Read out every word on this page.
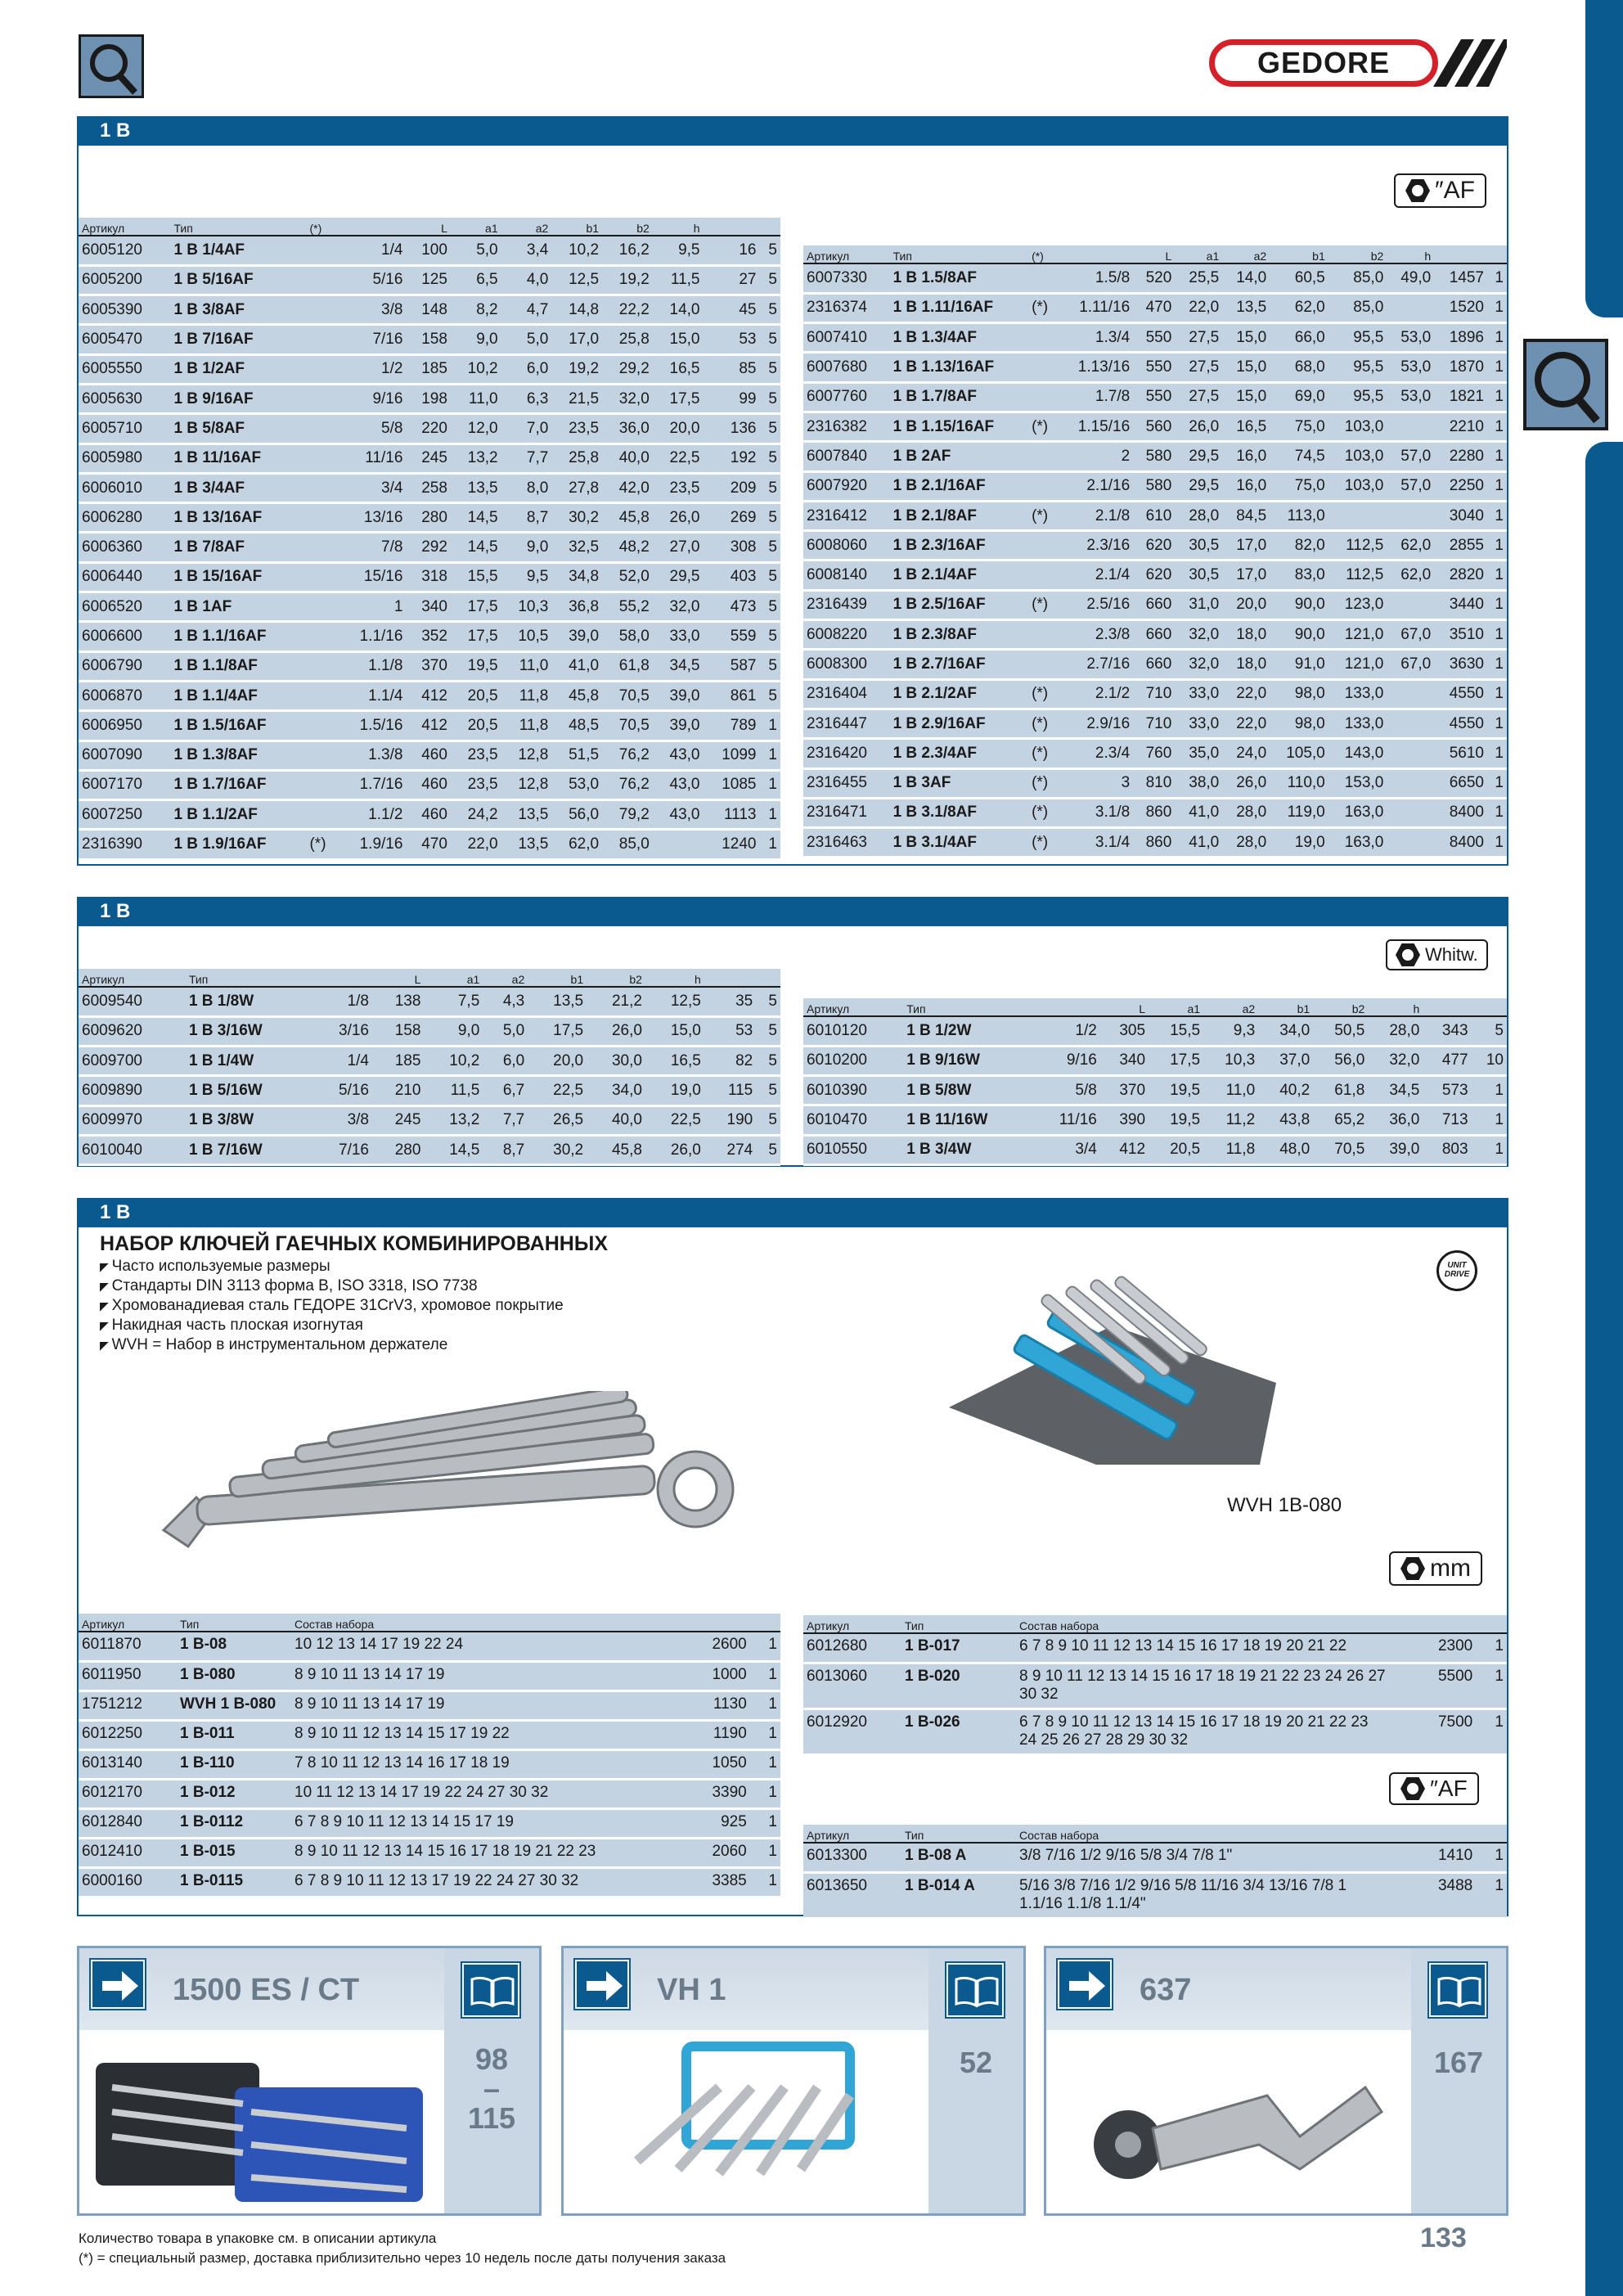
GEDORE
1 B
″AF
Артикул	Тип	(*)		L	a1	a2	b1	b2	h		
6005120	1 B 1/4AF		1/4	100	5,0	3,4	10,2	16,2	9,5	16	5
6005200	1 B 5/16AF		5/16	125	6,5	4,0	12,5	19,2	11,5	27	5
6005390	1 B 3/8AF		3/8	148	8,2	4,7	14,8	22,2	14,0	45	5
6005470	1 B 7/16AF		7/16	158	9,0	5,0	17,0	25,8	15,0	53	5
6005550	1 B 1/2AF		1/2	185	10,2	6,0	19,2	29,2	16,5	85	5
6005630	1 B 9/16AF		9/16	198	11,0	6,3	21,5	32,0	17,5	99	5
6005710	1 B 5/8AF		5/8	220	12,0	7,0	23,5	36,0	20,0	136	5
6005980	1 B 11/16AF		11/16	245	13,2	7,7	25,8	40,0	22,5	192	5
6006010	1 B 3/4AF		3/4	258	13,5	8,0	27,8	42,0	23,5	209	5
6006280	1 B 13/16AF		13/16	280	14,5	8,7	30,2	45,8	26,0	269	5
6006360	1 B 7/8AF		7/8	292	14,5	9,0	32,5	48,2	27,0	308	5
6006440	1 B 15/16AF		15/16	318	15,5	9,5	34,8	52,0	29,5	403	5
6006520	1 B 1AF		1	340	17,5	10,3	36,8	55,2	32,0	473	5
6006600	1 B 1.1/16AF		1.1/16	352	17,5	10,5	39,0	58,0	33,0	559	5
6006790	1 B 1.1/8AF		1.1/8	370	19,5	11,0	41,0	61,8	34,5	587	5
6006870	1 B 1.1/4AF		1.1/4	412	20,5	11,8	45,8	70,5	39,0	861	5
6006950	1 B 1.5/16AF		1.5/16	412	20,5	11,8	48,5	70,5	39,0	789	1
6007090	1 B 1.3/8AF		1.3/8	460	23,5	12,8	51,5	76,2	43,0	1099	1
6007170	1 B 1.7/16AF		1.7/16	460	23,5	12,8	53,0	76,2	43,0	1085	1
6007250	1 B 1.1/2AF		1.1/2	460	24,2	13,5	56,0	79,2	43,0	1113	1
2316390	1 B 1.9/16AF	(*)	1.9/16	470	22,0	13,5	62,0	85,0		1240	1
Артикул	Тип	(*)		L	a1	a2	b1	b2	h		
6007330	1 B 1.5/8AF		1.5/8	520	25,5	14,0	60,5	85,0	49,0	1457	1
2316374	1 B 1.11/16AF	(*)	1.11/16	470	22,0	13,5	62,0	85,0		1520	1
6007410	1 B 1.3/4AF		1.3/4	550	27,5	15,0	66,0	95,5	53,0	1896	1
6007680	1 B 1.13/16AF		1.13/16	550	27,5	15,0	68,0	95,5	53,0	1870	1
6007760	1 B 1.7/8AF		1.7/8	550	27,5	15,0	69,0	95,5	53,0	1821	1
2316382	1 B 1.15/16AF	(*)	1.15/16	560	26,0	16,5	75,0	103,0		2210	1
6007840	1 B 2AF		2	580	29,5	16,0	74,5	103,0	57,0	2280	1
6007920	1 B 2.1/16AF		2.1/16	580	29,5	16,0	75,0	103,0	57,0	2250	1
2316412	1 B 2.1/8AF	(*)	2.1/8	610	28,0	84,5	113,0			3040	1
6008060	1 B 2.3/16AF		2.3/16	620	30,5	17,0	82,0	112,5	62,0	2855	1
6008140	1 B 2.1/4AF		2.1/4	620	30,5	17,0	83,0	112,5	62,0	2820	1
2316439	1 B 2.5/16AF	(*)	2.5/16	660	31,0	20,0	90,0	123,0		3440	1
6008220	1 B 2.3/8AF		2.3/8	660	32,0	18,0	90,0	121,0	67,0	3510	1
6008300	1 B 2.7/16AF		2.7/16	660	32,0	18,0	91,0	121,0	67,0	3630	1
2316404	1 B 2.1/2AF	(*)	2.1/2	710	33,0	22,0	98,0	133,0		4550	1
2316447	1 B 2.9/16AF	(*)	2.9/16	710	33,0	22,0	98,0	133,0		4550	1
2316420	1 B 2.3/4AF	(*)	2.3/4	760	35,0	24,0	105,0	143,0		5610	1
2316455	1 B 3AF	(*)	3	810	38,0	26,0	110,0	153,0		6650	1
2316471	1 B 3.1/8AF	(*)	3.1/8	860	41,0	28,0	119,0	163,0		8400	1
2316463	1 B 3.1/4AF	(*)	3.1/4	860	41,0	28,0	19,0	163,0		8400	1
1 B
Whitw.
Артикул	Тип		L	a1	a2	b1	b2	h		
6009540	1 B 1/8W	1/8	138	7,5	4,3	13,5	21,2	12,5	35	5
6009620	1 B 3/16W	3/16	158	9,0	5,0	17,5	26,0	15,0	53	5
6009700	1 B 1/4W	1/4	185	10,2	6,0	20,0	30,0	16,5	82	5
6009890	1 B 5/16W	5/16	210	11,5	6,7	22,5	34,0	19,0	115	5
6009970	1 B 3/8W	3/8	245	13,2	7,7	26,5	40,0	22,5	190	5
6010040	1 B 7/16W	7/16	280	14,5	8,7	30,2	45,8	26,0	274	5
Артикул	Тип		L	a1	a2	b1	b2	h		
6010120	1 B 1/2W	1/2	305	15,5	9,3	34,0	50,5	28,0	343	5
6010200	1 B 9/16W	9/16	340	17,5	10,3	37,0	56,0	32,0	477	10
6010390	1 B 5/8W	5/8	370	19,5	11,0	40,2	61,8	34,5	573	1
6010470	1 B 11/16W	11/16	390	19,5	11,2	43,8	65,2	36,0	713	1
6010550	1 B 3/4W	3/4	412	20,5	11,8	48,0	70,5	39,0	803	1
1 B
НАБОР КЛЮЧЕЙ ГАЕЧНЫХ КОМБИНИРОВАННЫХ
◤ Часто используемые размеры
◤ Стандарты DIN 3113 форма B, ISO 3318, ISO 7738
◤ Хромованадиевая сталь ГЕДОРЕ 31CrV3, хромовое покрытие
◤ Накидная часть плоская изогнутая
◤ WVH = Набор в инструментальном держателе
UNIT DRIVE
WVH 1B-080
mm
Артикул	Тип	Состав набора		
6011870	1 B-08	10 12 13 14 17 19 22 24	2600	1
6011950	1 B-080	8 9 10 11 13 14 17 19	1000	1
1751212	WVH 1 B-080	8 9 10 11 13 14 17 19	1130	1
6012250	1 B-011	8 9 10 11 12 13 14 15 17 19 22	1190	1
6013140	1 B-110	7 8 10 11 12 13 14 16 17 18 19	1050	1
6012170	1 B-012	10 11 12 13 14 17 19 22 24 27 30 32	3390	1
6012840	1 B-0112	6 7 8 9 10 11 12 13 14 15 17 19	925	1
6012410	1 B-015	8 9 10 11 12 13 14 15 16 17 18 19 21 22 23	2060	1
6000160	1 B-0115	6 7 8 9 10 11 12 13 17 19 22 24 27 30 32	3385	1
Артикул	Тип	Состав набора		
6012680	1 B-017	6 7 8 9 10 11 12 13 14 15 16 17 18 19 20 21 22	2300	1
6013060	1 B-020	8 9 10 11 12 13 14 15 16 17 18 19 21 22 23 24 26 27 30 32	5500	1
6012920	1 B-026	6 7 8 9 10 11 12 13 14 15 16 17 18 19 20 21 22 23 24 25 26 27 28 29 30 32	7500	1
″AF
Артикул	Тип	Состав набора		
6013300	1 B-08 A	3/8 7/16 1/2 9/16 5/8 3/4 7/8 1"	1410	1
6013650	1 B-014 A	5/16 3/8 7/16 1/2 9/16 5/8 11/16 3/4 13/16 7/8 1 1.1/16 1.1/8 1.1/4"	3488	1
1500 ES / CT
98
–
115
VH 1
52
637
167
Количество товара в упаковке см. в описании артикула
(*) = специальный размер, доставка приблизительно через 10 недель после даты получения заказа
133
